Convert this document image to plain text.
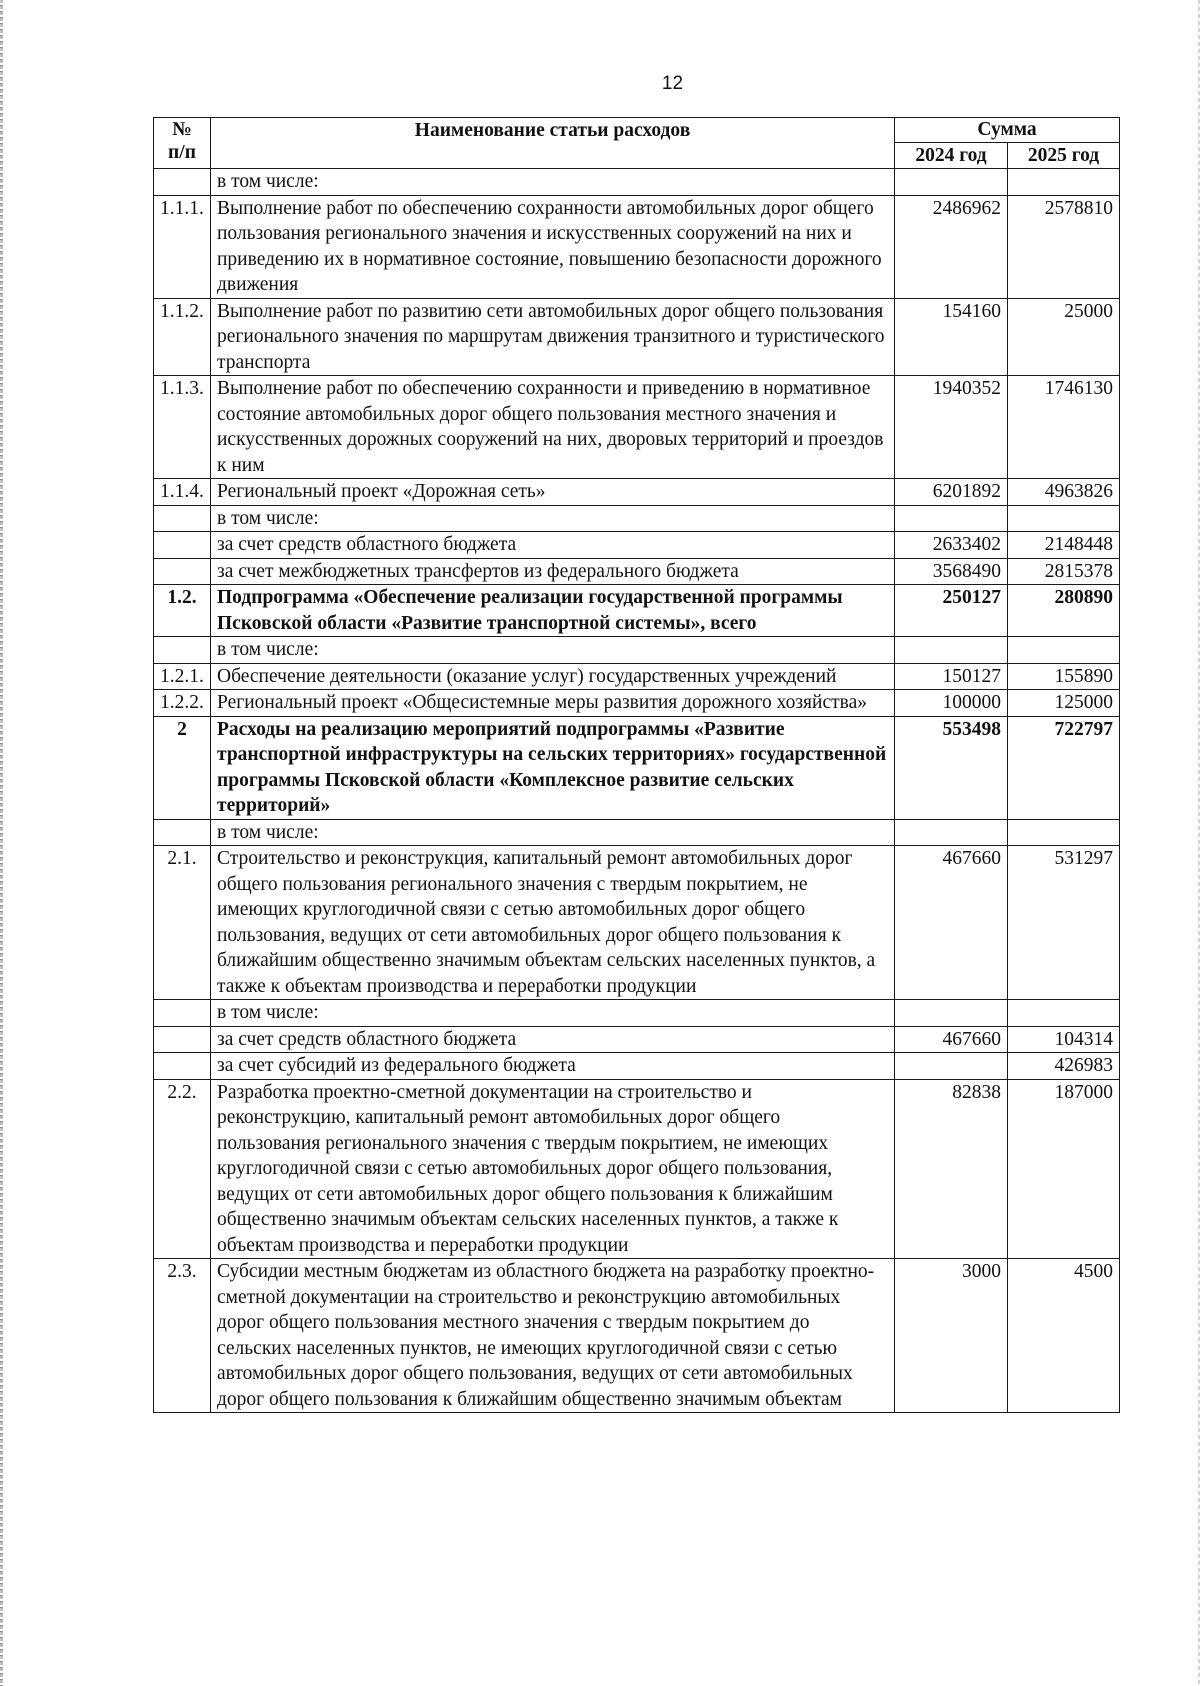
12
№
п/п	Наименование статьи расходов	Сумма	
		2024 год	2025 год
	в том числе:		
1.1.1.	Выполнение работ по обеспечению сохранности автомобильных дорог общего пользования регионального значения и искусственных сооружений на них и приведению их в нормативное состояние, повышению безопасности дорожного движения	2486962	2578810
1.1.2.	Выполнение работ по развитию сети автомобильных дорог общего пользования регионального значения по маршрутам движения транзитного и туристического транспорта	154160	25000
1.1.3.	Выполнение работ по обеспечению сохранности и приведению в нормативное состояние автомобильных дорог общего пользования местного значения и искусственных дорожных сооружений на них, дворовых территорий и проездов к ним	1940352	1746130
1.1.4.	Региональный проект «Дорожная сеть»	6201892	4963826
	в том числе:		
	за счет средств областного бюджета	2633402	2148448
	за счет межбюджетных трансфертов из федерального бюджета	3568490	2815378
1.2.	Подпрограмма «Обеспечение реализации государственной программы Псковской области «Развитие транспортной системы», всего	250127	280890
	в том числе:		
1.2.1.	Обеспечение деятельности (оказание услуг) государственных учреждений	150127	155890
1.2.2.	Региональный проект «Общесистемные меры развития дорожного хозяйства»	100000	125000
2	Расходы на реализацию мероприятий подпрограммы «Развитие транспортной инфраструктуры на сельских территориях» государственной программы Псковской области «Комплексное развитие сельских территорий»	553498	722797
	в том числе:		
2.1.	Строительство и реконструкция, капитальный ремонт автомобильных дорог общего пользования регионального значения с твердым покрытием, не имеющих круглогодичной связи с сетью автомобильных дорог общего пользования, ведущих от сети автомобильных дорог общего пользования к ближайшим общественно значимым объектам сельских населенных пунктов, а также к объектам производства и переработки продукции	467660	531297
	в том числе:		
	за счет средств областного бюджета	467660	104314
	за счет субсидий из федерального бюджета		426983
2.2.	Разработка проектно-сметной документации на строительство и реконструкцию, капитальный ремонт автомобильных дорог общего пользования регионального значения с твердым покрытием, не имеющих круглогодичной связи с сетью автомобильных дорог общего пользования, ведущих от сети автомобильных дорог общего пользования к ближайшим общественно значимым объектам сельских населенных пунктов, а также к объектам производства и переработки продукции	82838	187000
2.3.	Субсидии местным бюджетам из областного бюджета на разработку проектно-сметной документации на строительство и реконструкцию автомобильных дорог общего пользования местного значения с твердым покрытием до сельских населенных пунктов, не имеющих круглогодичной связи с сетью автомобильных дорог общего пользования, ведущих от сети автомобильных дорог общего пользования к ближайшим общественно значимым объектам	3000	4500
